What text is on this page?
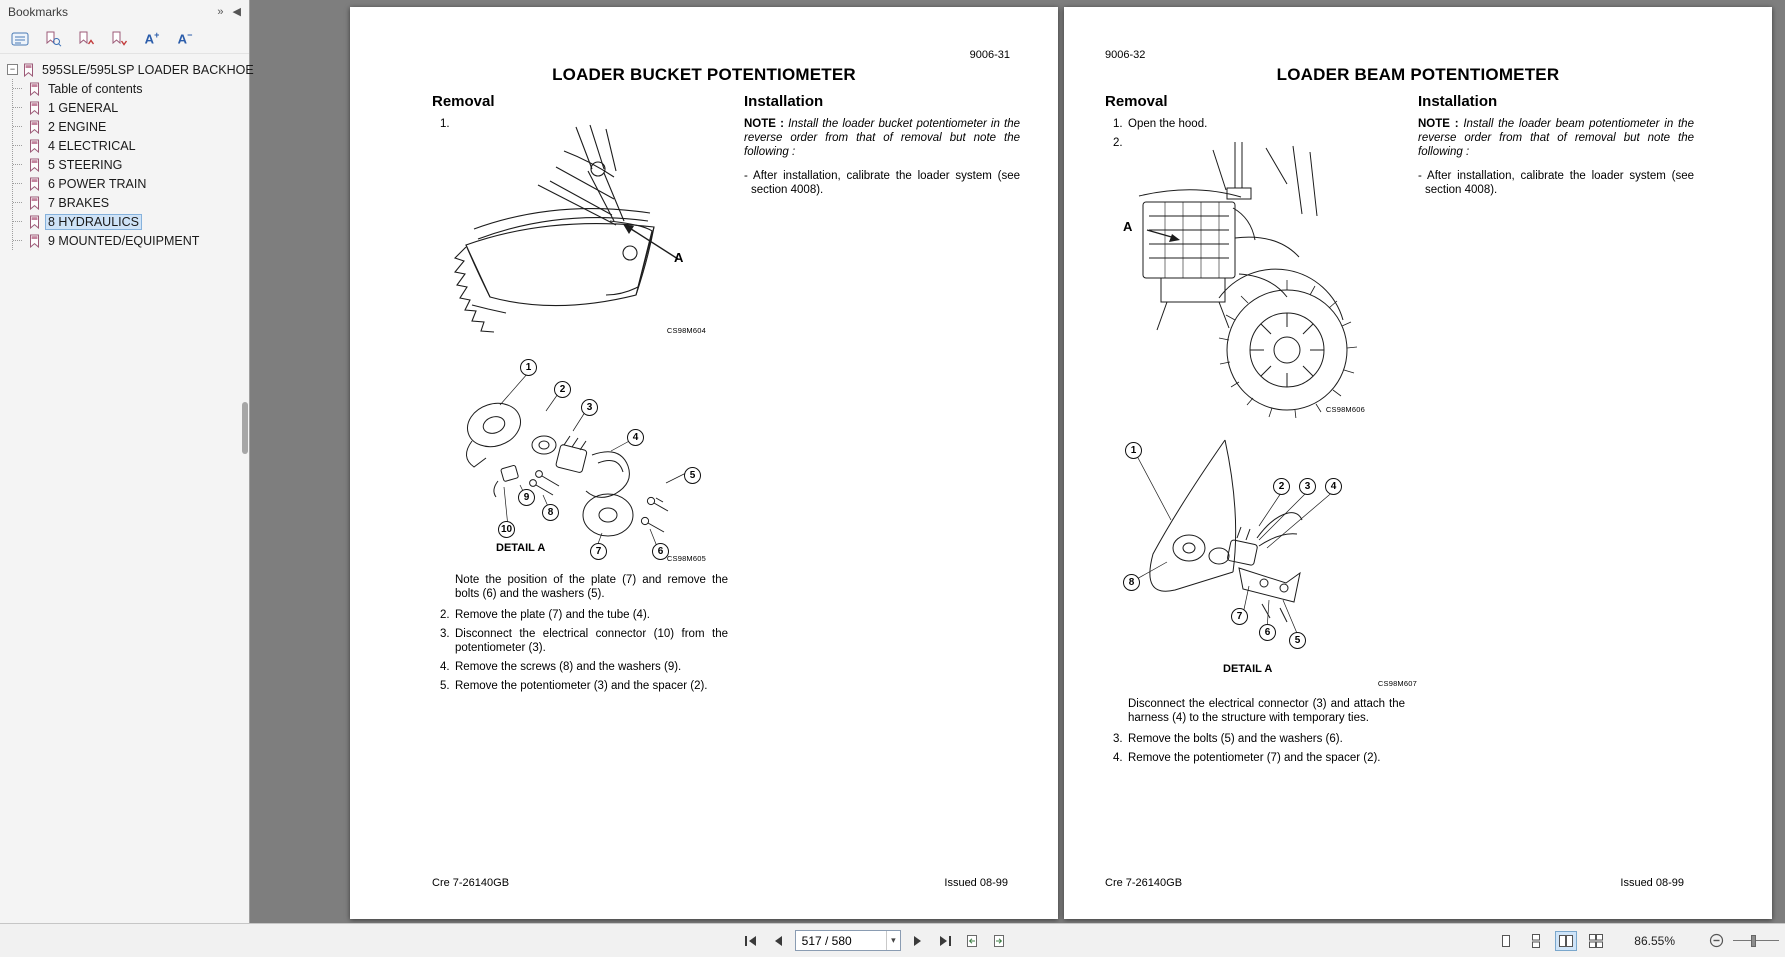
Bookmarks	» ◀
A+ A−
− 595SLE/595LSP LOADER BACKHOE
Table of contents
1 GENERAL
2 ENGINE
4 ELECTRICAL
5 STEERING
6 POWER TRAIN
7 BRAKES
8 HYDRAULICS
9 MOUNTED/EQUIPMENT
9006-31
LOADER BUCKET POTENTIOMETER
Removal
1.
A
CS98M604
1
2
3
4
5
6
7
8
9
10
DETAIL A
CS98M605

Note the position of the plate (7) and remove the bolts (6) and the washers (5).

2. Remove the plate (7) and the tube (4).
3. Disconnect the electrical connector (10) from the potentiometer (3).
4. Remove the screws (8) and the washers (9).
5. Remove the potentiometer (3) and the spacer (2).
Installation

NOTE : Install the loader bucket potentiometer in the reverse order from that of removal but note the following :

- After installation, calibrate the loader system (see section 4008).

Cre 7-26140GB	Issued 08-99
9006-32
LOADER BEAM POTENTIOMETER
Removal
1. Open the hood.
2.
A
CS98M606
1
2	3	4
5
6
7
8
DETAIL A
CS98M607

Disconnect the electrical connector (3) and attach the harness (4) to the structure with temporary ties.

3. Remove the bolts (5) and the washers (6).
4. Remove the potentiometer (7) and the spacer (2).
Installation

NOTE : Install the loader beam potentiometer in the reverse order from that of removal but note the following :

- After installation, calibrate the loader system (see section 4008).

Cre 7-26140GB	Issued 08-99
517 / 580	▾	86.55%
